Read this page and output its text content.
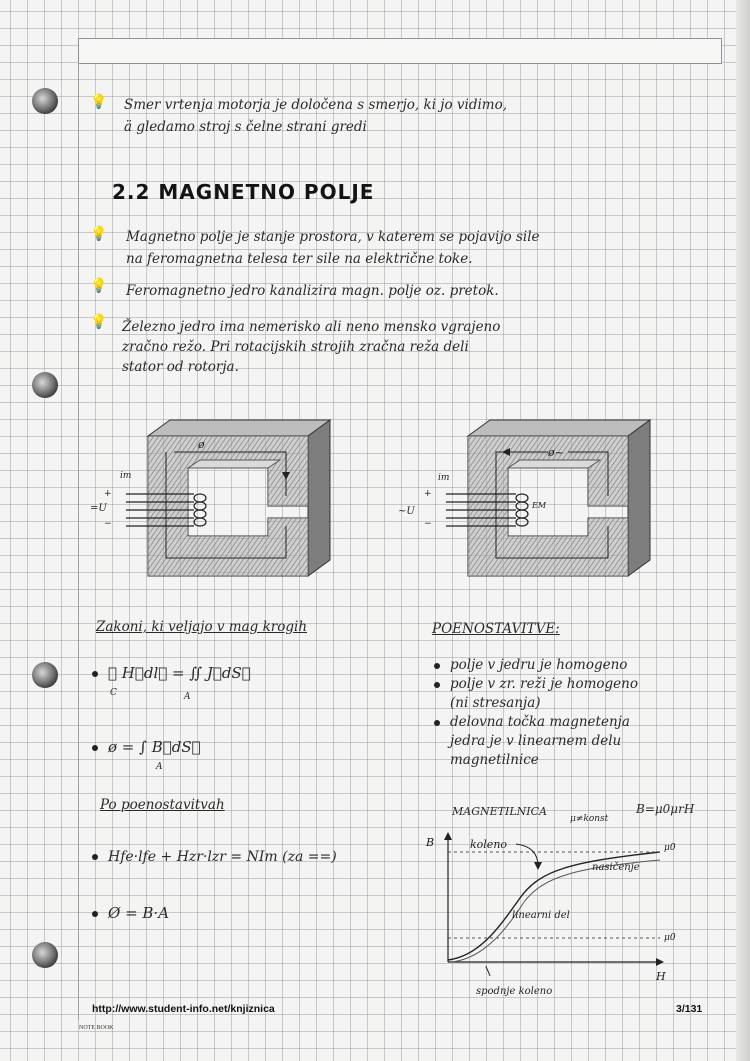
💡 Smer vrtenja motorja je določena s smerjo, ki jo vidimo,
ä gledamo stroj s čelne strani gredi
2.2 MAGNETNO POLJE
💡 Magnetno polje je stanje prostora, v katerem se pojavijo sile
na feromagnetna telesa ter sile na električne toke.
💡 Feromagnetno jedro kanalizira magn. polje oz. pretok.
💡 Železno jedro ima nemerisko ali neno mensko vgrajeno
zračno režo. Pri rotacijskih strojih zračna reža deli
stator od rotorja.
ø
im
+
=U
−
ø~
im
+
~U
−
EM
Zakoni, ki veljajo v mag krogih
∮ H⃗dl⃗ = ∬ J⃗dS⃗
C	A
ø = ∫ B⃗dS⃗
A
POENOSTAVITVE:
polje v jedru je homogeno
polje v zr. reži je homogeno
(ni stresanja)
delovna točka magnetenja
jedra je v linearnem delu
magnetilnice
Po poenostavitvah
Hfe·lfe + Hzr·lzr = NIm (za ==)
Ø = B·A
MAGNETILNICA
μ≠konst
B=μ0μrH
B
H
koleno
nasičenje
linearni del
spodnje koleno
μ0
μ0
http://www.student-info.net/knjiznica	3/131
NOTE BOOK
